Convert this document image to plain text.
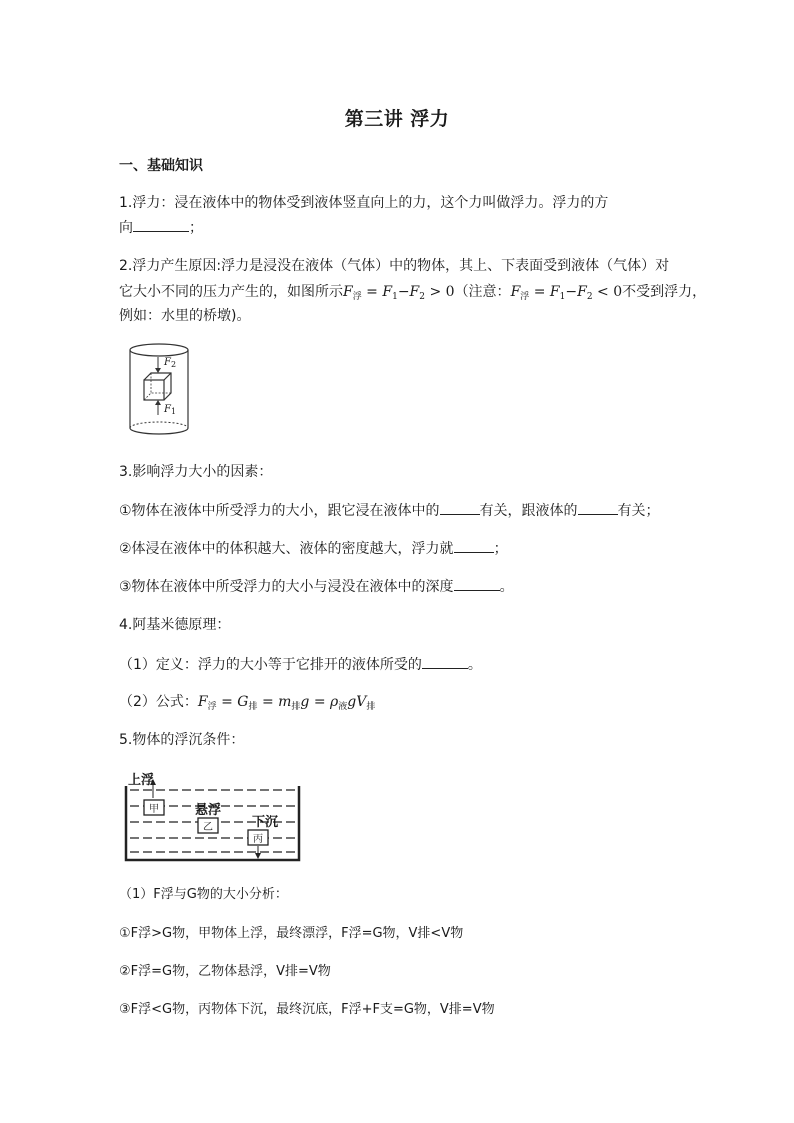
第三讲 浮力
一、基础知识
1.浮力：浸在液体中的物体受到液体竖直向上的力，这个力叫做浮力。浮力的方
向	；
2.浮力产生原因:浮力是浸没在液体（气体）中的物体，其上、下表面受到液体（气体）对
它大小不同的压力产生的，如图所示$F_浮 = F_1-F_2 > 0$（注意：$F_浮 = F_1-F_2 < 0$不受到浮力，
例如：水里的桥墩)。
$F_2$
$F_1$
3.影响浮力大小的因素：
①物体在液体中所受浮力的大小，跟它浸在液体中的	有关，跟液体的	有关；
②体浸在液体中的体积越大、液体的密度越大，浮力就	；
③物体在液体中所受浮力的大小与浸没在液体中的深度	。
4.阿基米德原理：
（1）定义：浮力的大小等于它排开的液体所受的	。
（2）公式：$F_浮 = G_排 = m_排g = \rho_液gV_排$
5.物体的浮沉条件：
上浮
悬浮
下沉
甲
乙
丙
（1）F浮与G物的大小分析：
①F浮>G物，甲物体上浮，最终漂浮，F浮=G物，V排<V物
②F浮=G物，乙物体悬浮，V排=V物
③F浮<G物，丙物体下沉，最终沉底，F浮+F支=G物，V排=V物
